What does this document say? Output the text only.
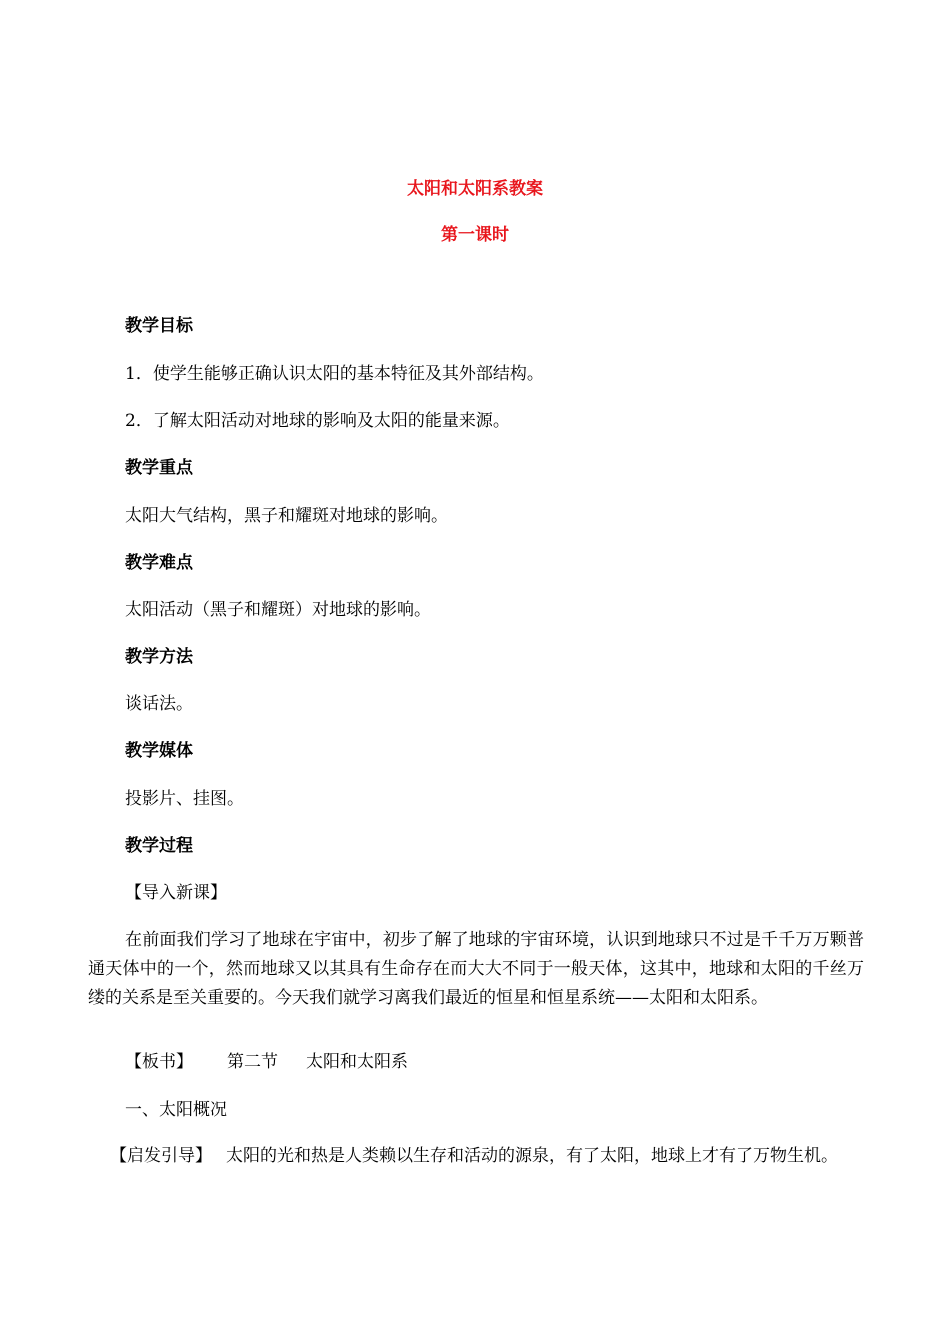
太阳和太阳系教案
第一课时
教学目标
1．使学生能够正确认识太阳的基本特征及其外部结构。
2．了解太阳活动对地球的影响及太阳的能量来源。
教学重点
太阳大气结构，黑子和耀斑对地球的影响。
教学难点
太阳活动（黑子和耀斑）对地球的影响。
教学方法
谈话法。
教学媒体
投影片、挂图。
教学过程
【导入新课】
在前面我们学习了地球在宇宙中，初步了解了地球的宇宙环境，认识到地球只不过是千千万万颗普通天体中的一个，然而地球又以其具有生命存在而大大不同于一般天体，这其中，地球和太阳的千丝万缕的关系是至关重要的。今天我们就学习离我们最近的恒星和恒星系统——太阳和太阳系。
【板书】 第二节 太阳和太阳系
一、太阳概况
【启发引导】 太阳的光和热是人类赖以生存和活动的源泉，有了太阳，地球上才有了万物生机。
